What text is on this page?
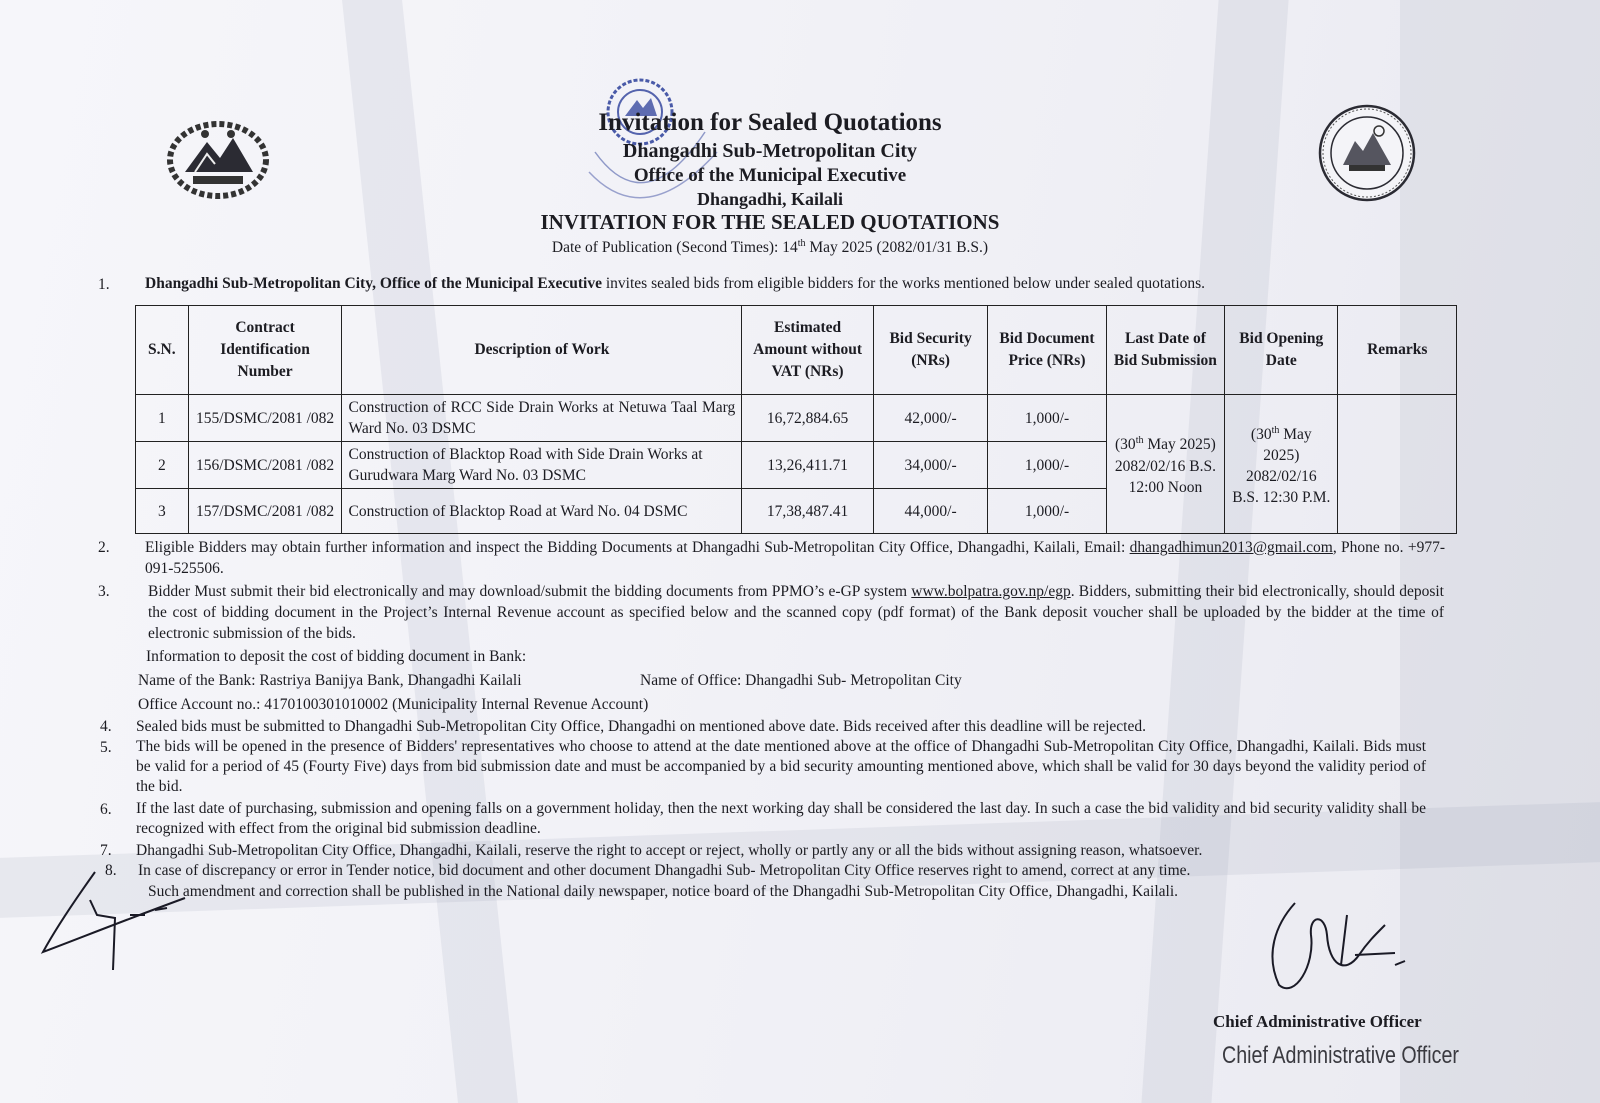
Invitation for Sealed Quotations
Dhangadhi Sub-Metropolitan City
Office of the Municipal Executive
Dhangadhi, Kailali
INVITATION FOR THE SEALED QUOTATIONS
Date of Publication (Second Times): 14th May 2025 (2082/01/31 B.S.)
1. Dhangadhi Sub-Metropolitan City, Office of the Municipal Executive invites sealed bids from eligible bidders for the works mentioned below under sealed quotations.
S.N.	Contract Identification Number	Description of Work	Estimated Amount without VAT (NRs)	Bid Security (NRs)	Bid Document Price (NRs)	Last Date of Bid Submission	Bid Opening Date	Remarks
1	155/DSMC/2081 /082	Construction of RCC Side Drain Works at Netuwa Taal Marg Ward No. 03 DSMC	16,72,884.65	42,000/-	1,000/-	(30th May 2025) 2082/02/16 B.S. 12:00 Noon	(30th May 2025) 2082/02/16 B.S. 12:30 P.M.	
2	156/DSMC/2081 /082	Construction of Blacktop Road with Side Drain Works at Gurudwara Marg Ward No. 03 DSMC	13,26,411.71	34,000/-	1,000/-			
3	157/DSMC/2081 /082	Construction of Blacktop Road at Ward No. 04 DSMC	17,38,487.41	44,000/-	1,000/-			
2. Eligible Bidders may obtain further information and inspect the Bidding Documents at Dhangadhi Sub-Metropolitan City Office, Dhangadhi, Kailali, Email: dhangadhimun2013@gmail.com, Phone no. +977-091-525506.
3. Bidder Must submit their bid electronically and may download/submit the bidding documents from PPMO’s e-GP system www.bolpatra.gov.np/egp. Bidders, submitting their bid electronically, should deposit the cost of bidding document in the Project’s Internal Revenue account as specified below and the scanned copy (pdf format) of the Bank deposit voucher shall be uploaded by the bidder at the time of electronic submission of the bids.
Information to deposit the cost of bidding document in Bank:
Name of the Bank: Rastriya Banijya Bank, Dhangadhi Kailali	Name of Office: Dhangadhi Sub- Metropolitan City
Office Account no.: 4170100301010002 (Municipality Internal Revenue Account)
4. Sealed bids must be submitted to Dhangadhi Sub-Metropolitan City Office, Dhangadhi on mentioned above date. Bids received after this deadline will be rejected.
5. The bids will be opened in the presence of Bidders' representatives who choose to attend at the date mentioned above at the office of Dhangadhi Sub-Metropolitan City Office, Dhangadhi, Kailali. Bids must be valid for a period of 45 (Fourty Five) days from bid submission date and must be accompanied by a bid security amounting mentioned above, which shall be valid for 30 days beyond the validity period of the bid.
6. If the last date of purchasing, submission and opening falls on a government holiday, then the next working day shall be considered the last day. In such a case the bid validity and bid security validity shall be recognized with effect from the original bid submission deadline.
7. Dhangadhi Sub-Metropolitan City Office, Dhangadhi, Kailali, reserve the right to accept or reject, wholly or partly any or all the bids without assigning reason, whatsoever.
8. In case of discrepancy or error in Tender notice, bid document and other document Dhangadhi Sub- Metropolitan City Office reserves right to amend, correct at any time.
Such amendment and correction shall be published in the National daily newspaper, notice board of the Dhangadhi Sub-Metropolitan City Office, Dhangadhi, Kailali.
Chief Administrative Officer
Chief Administrative Officer
